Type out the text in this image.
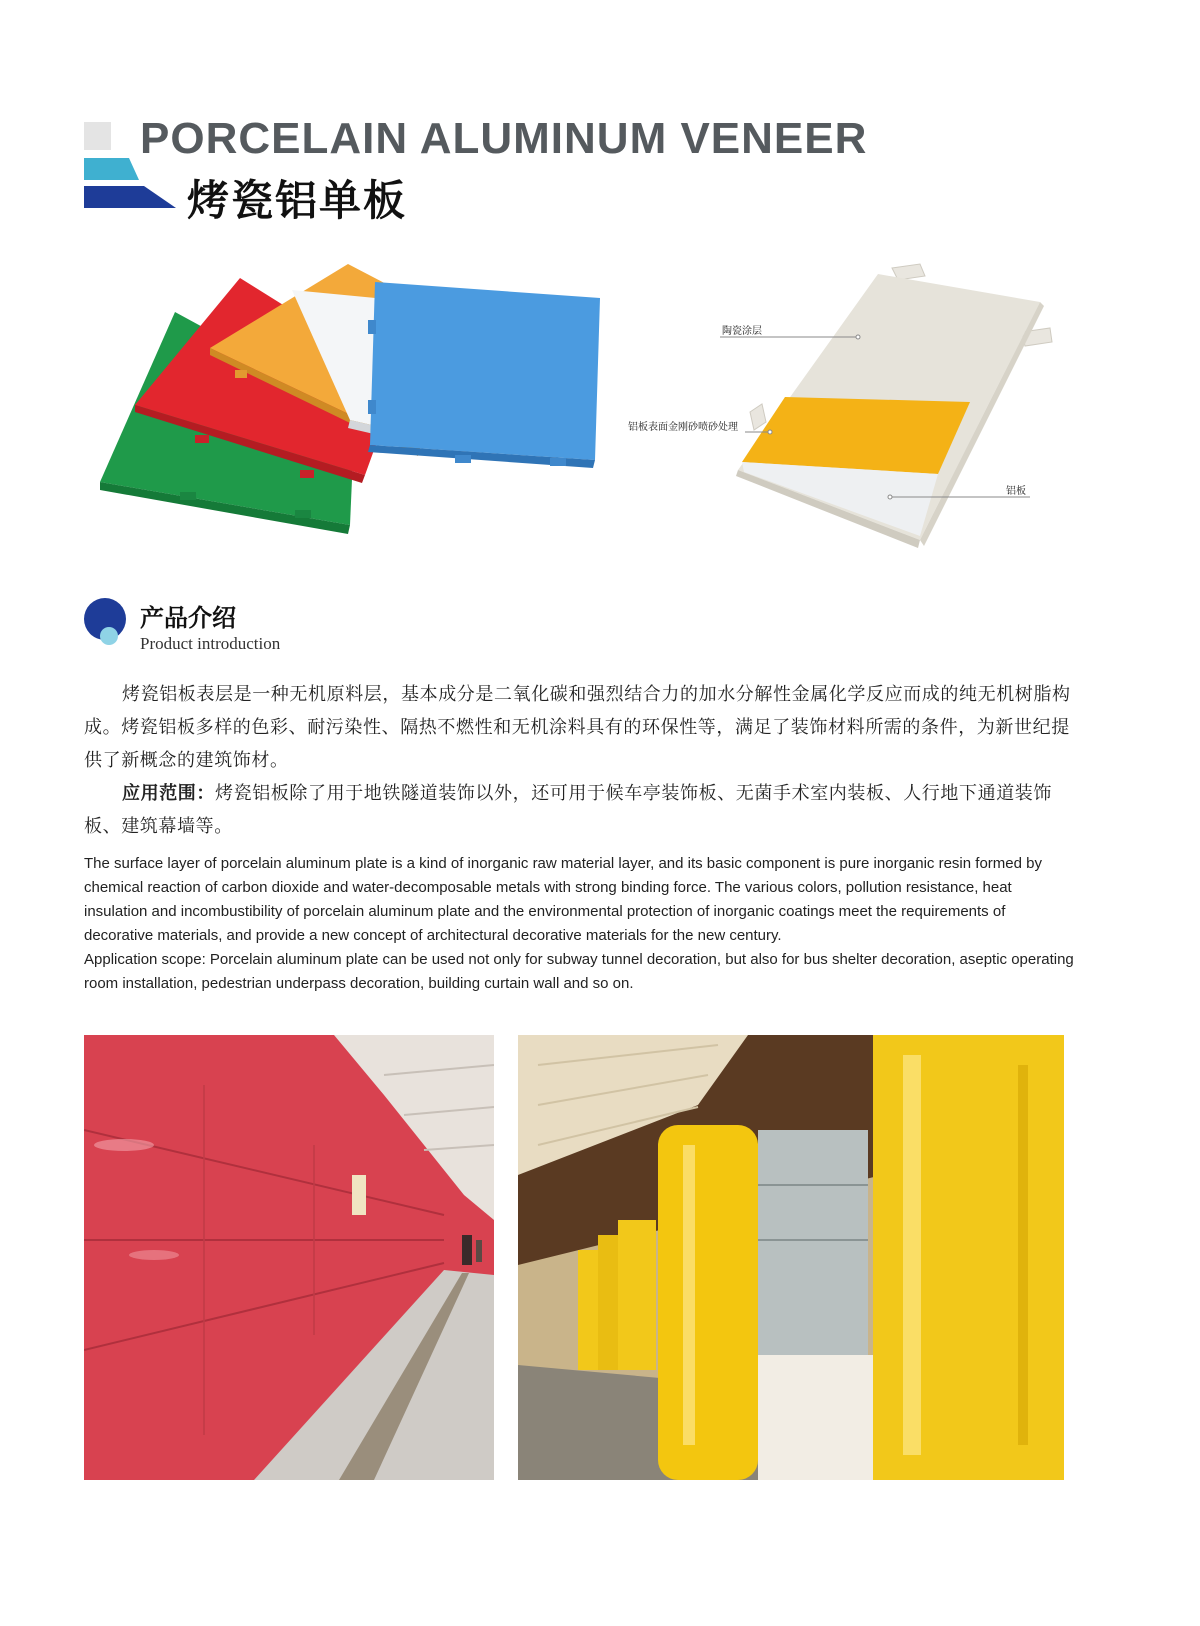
PORCELAIN ALUMINUM VENEER
烤瓷铝单板
陶瓷涂层
铝板表面金刚砂喷砂处理
铝板
产品介绍
Product introduction
烤瓷铝板表层是一种无机原料层，基本成分是二氧化碳和强烈结合力的加水分解性金属化学反应而成的纯无机树脂构成。烤瓷铝板多样的色彩、耐污染性、隔热不燃性和无机涂料具有的环保性等，满足了装饰材料所需的条件，为新世纪提供了新概念的建筑饰材。
应用范围：烤瓷铝板除了用于地铁隧道装饰以外，还可用于候车亭装饰板、无菌手术室内装板、人行地下通道装饰板、建筑幕墙等。
The surface layer of porcelain aluminum plate is a kind of inorganic raw material layer, and its basic component is pure inorganic resin formed by chemical reaction of carbon dioxide and water-decomposable metals with strong binding force. The various colors, pollution resistance, heat insulation and incombustibility of porcelain aluminum plate and the environmental protection of inorganic coatings meet the requirements of decorative materials, and provide a new concept of architectural decorative materials for the new century.
Application scope: Porcelain aluminum plate can be used not only for subway tunnel decoration, but also for bus shelter decoration, aseptic operating room installation, pedestrian underpass decoration, building curtain wall and so on.
